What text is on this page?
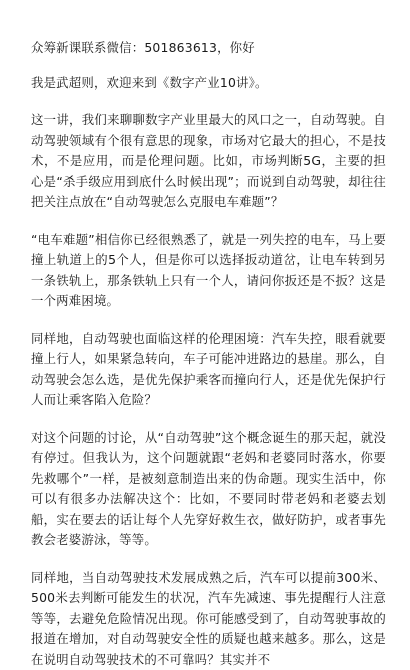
众筹新课联系微信：501863613，你好

我是武超则，欢迎来到《数字产业10讲》。

这一讲，我们来聊聊数字产业里最大的风口之一，自动驾驶。自动驾驶领域有个很有意思的现象，市场对它最大的担心，不是技术，不是应用，而是伦理问题。比如，市场判断5G，主要的担心是“杀手级应用到底什么时候出现”；而说到自动驾驶，却往往把关注点放在“自动驾驶怎么克服电车难题”？

“电车难题”相信你已经很熟悉了，就是一列失控的电车，马上要撞上轨道上的5个人，但是你可以选择扳动道岔，让电车转到另一条铁轨上，那条铁轨上只有一个人，请问你扳还是不扳？这是一个两难困境。

同样地，自动驾驶也面临这样的伦理困境：汽车失控，眼看就要撞上行人，如果紧急转向，车子可能冲进路边的悬崖。那么，自动驾驶会怎么选，是优先保护乘客而撞向行人，还是优先保护行人而让乘客陷入危险？

对这个问题的讨论，从“自动驾驶”这个概念诞生的那天起，就没有停过。但我认为，这个问题就跟“老妈和老婆同时落水，你要先救哪个”一样，是被刻意制造出来的伪命题。现实生活中，你可以有很多办法解决这个：比如，不要同时带老妈和老婆去划船，实在要去的话让每个人先穿好救生衣，做好防护，或者事先教会老婆游泳，等等。

同样地，当自动驾驶技术发展成熟之后，汽车可以提前300米、500米去判断可能发生的状况，汽车先减速、事先提醒行人注意等等，去避免危险情况出现。你可能感受到了，自动驾驶事故的报道在增加，对自动驾驶安全性的质疑也越来越多。那么，这是在说明自动驾驶技术的不可靠吗？其实并不
